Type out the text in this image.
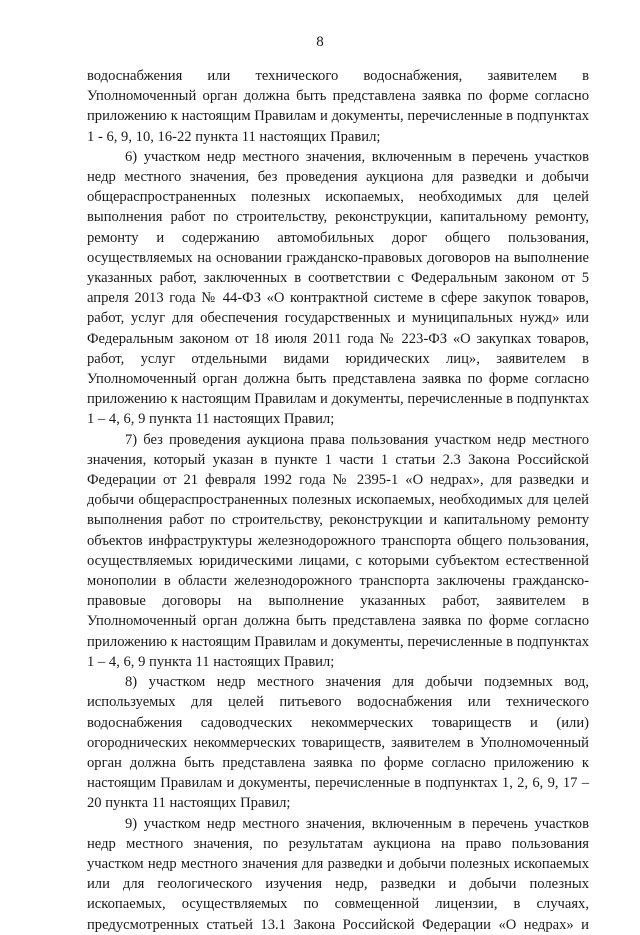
8

водоснабжения или технического водоснабжения, заявителем в Уполномоченный орган должна быть представлена заявка по форме согласно приложению к настоящим Правилам и документы, перечисленные в подпунктах 1 - 6, 9, 10, 16-22 пункта 11 настоящих Правил;

6) участком недр местного значения, включенным в перечень участков недр местного значения, без проведения аукциона для разведки и добычи общераспространенных полезных ископаемых, необходимых для целей выполнения работ по строительству, реконструкции, капитальному ремонту, ремонту и содержанию автомобильных дорог общего пользования, осуществляемых на основании гражданско-правовых договоров на выполнение указанных работ, заключенных в соответствии с Федеральным законом от 5 апреля 2013 года № 44-ФЗ «О контрактной системе в сфере закупок товаров, работ, услуг для обеспечения государственных и муниципальных нужд» или Федеральным законом от 18 июля 2011 года № 223-ФЗ «О закупках товаров, работ, услуг отдельными видами юридических лиц», заявителем в Уполномоченный орган должна быть представлена заявка по форме согласно приложению к настоящим Правилам и документы, перечисленные в подпунктах 1 – 4, 6, 9 пункта 11 настоящих Правил;

7) без проведения аукциона права пользования участком недр местного значения, который указан в пункте 1 части 1 статьи 2.3 Закона Российской Федерации от 21 февраля 1992 года № 2395-1 «О недрах», для разведки и добычи общераспространенных полезных ископаемых, необходимых для целей выполнения работ по строительству, реконструкции и капитальному ремонту объектов инфраструктуры железнодорожного транспорта общего пользования, осуществляемых юридическими лицами, с которыми субъектом естественной монополии в области железнодорожного транспорта заключены гражданско-правовые договоры на выполнение указанных работ, заявителем в Уполномоченный орган должна быть представлена заявка по форме согласно приложению к настоящим Правилам и документы, перечисленные в подпунктах 1 – 4, 6, 9 пункта 11 настоящих Правил;

8) участком недр местного значения для добычи подземных вод, используемых для целей питьевого водоснабжения или технического водоснабжения садоводческих некоммерческих товариществ и (или) огороднических некоммерческих товариществ, заявителем в Уполномоченный орган должна быть представлена заявка по форме согласно приложению к настоящим Правилам и документы, перечисленные в подпунктах 1, 2, 6, 9, 17 – 20 пункта 11 настоящих Правил;

9) участком недр местного значения, включенным в перечень участков недр местного значения, по результатам аукциона на право пользования участком недр местного значения для разведки и добычи полезных ископаемых или для геологического изучения недр, разведки и добычи полезных ископаемых, осуществляемых по совмещенной лицензии, в случаях, предусмотренных статьей 13.1 Закона Российской Федерации «О недрах» и
